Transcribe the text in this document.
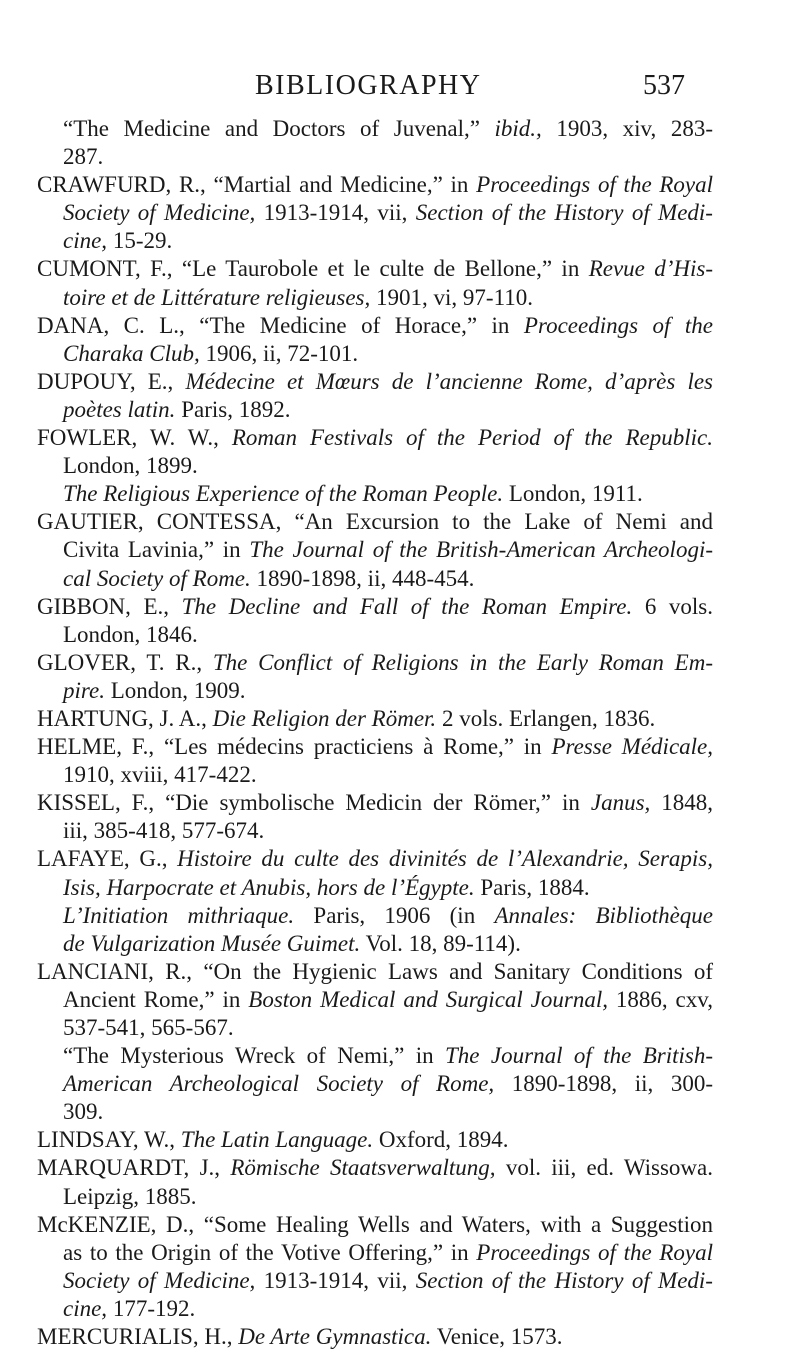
BIBLIOGRAPHY	537
“The Medicine and Doctors of Juvenal,” ibid., 1903, xiv, 283-
287.
CRAWFURD, R., “Martial and Medicine,” in Proceedings of the Royal
Society of Medicine, 1913-1914, vii, Section of the History of Medi-
cine, 15-29.
CUMONT, F., “Le Taurobole et le culte de Bellone,” in Revue d’His-
toire et de Littérature religieuses, 1901, vi, 97-110.
DANA, C. L., “The Medicine of Horace,” in Proceedings of the
Charaka Club, 1906, ii, 72-101.
DUPOUY, E., Médecine et Mœurs de l’ancienne Rome, d’après les
poètes latin. Paris, 1892.
FOWLER, W. W., Roman Festivals of the Period of the Republic.
London, 1899.
The Religious Experience of the Roman People. London, 1911.
GAUTIER, CONTESSA, “An Excursion to the Lake of Nemi and
Civita Lavinia,” in The Journal of the British-American Archeologi-
cal Society of Rome. 1890-1898, ii, 448-454.
GIBBON, E., The Decline and Fall of the Roman Empire. 6 vols.
London, 1846.
GLOVER, T. R., The Conflict of Religions in the Early Roman Em-
pire. London, 1909.
HARTUNG, J. A., Die Religion der Römer. 2 vols. Erlangen, 1836.
HELME, F., “Les médecins practiciens à Rome,” in Presse Médicale,
1910, xviii, 417-422.
KISSEL, F., “Die symbolische Medicin der Römer,” in Janus, 1848,
iii, 385-418, 577-674.
LAFAYE, G., Histoire du culte des divinités de l’Alexandrie, Serapis,
Isis, Harpocrate et Anubis, hors de l’Égypte. Paris, 1884.
L’Initiation mithriaque. Paris, 1906 (in Annales: Bibliothèque
de Vulgarization Musée Guimet. Vol. 18, 89-114).
LANCIANI, R., “On the Hygienic Laws and Sanitary Conditions of
Ancient Rome,” in Boston Medical and Surgical Journal, 1886, cxv,
537-541, 565-567.
“The Mysterious Wreck of Nemi,” in The Journal of the British-
American Archeological Society of Rome, 1890-1898, ii, 300-
309.
LINDSAY, W., The Latin Language. Oxford, 1894.
MARQUARDT, J., Römische Staatsverwaltung, vol. iii, ed. Wissowa.
Leipzig, 1885.
McKENZIE, D., “Some Healing Wells and Waters, with a Suggestion
as to the Origin of the Votive Offering,” in Proceedings of the Royal
Society of Medicine, 1913-1914, vii, Section of the History of Medi-
cine, 177-192.
MERCURIALIS, H., De Arte Gymnastica. Venice, 1573.
